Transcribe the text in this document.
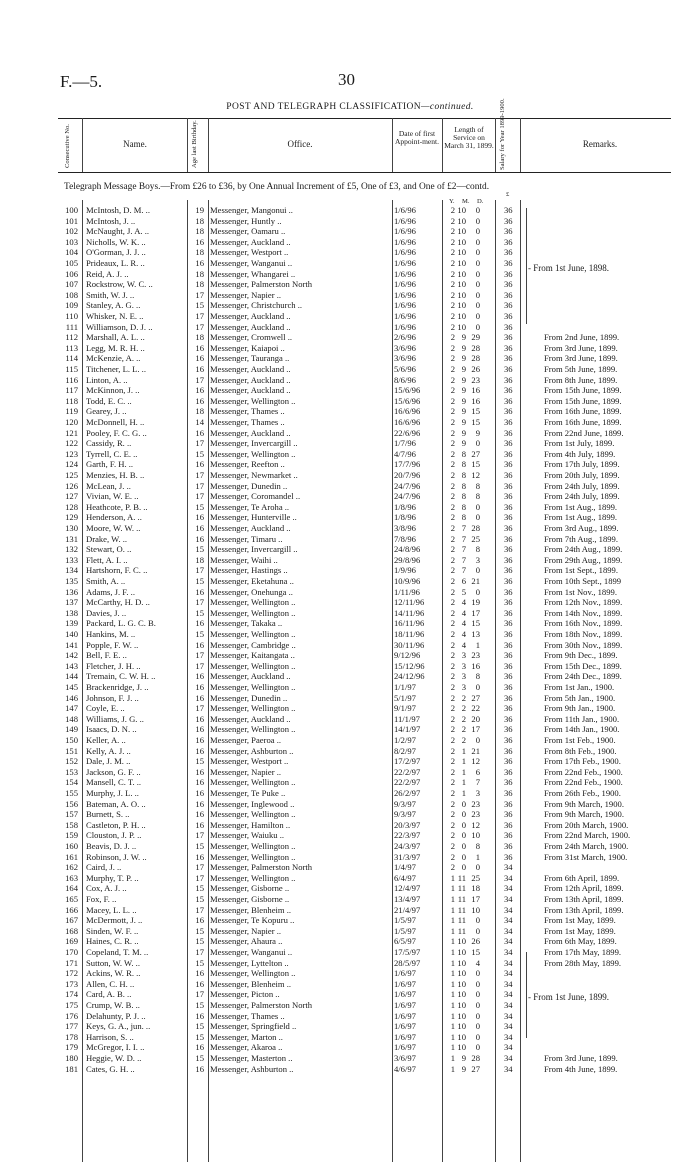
F.—5.	30
POST AND TELEGRAPH CLASSIFICATION—continued.
Consecutive No.	Name.	Age last Birthday.	Office.
Date of first Appoint-ment.
Length of Service on March 31, 1899. Salary for Year 1899-1900.	Remarks.
Telegraph Message Boys.—From £26 to £36, by One Annual Increment of £5, One of £3, and One of £2—contd.
Y. M. D.
£
- From 1st June, 1898.
- From 1st June, 1899.
100 McIntosh, D. M. ..	19 Messenger, Mangonui ..	1/6/96	2 10	0	36
101 McIntosh, J. ..	18 Messenger, Huntly ..	1/6/96	2 10	0	36
102 McNaught, J. A. ..	18 Messenger, Oamaru ..	1/6/96	2 10	0	36
103 Nicholls, W. K. ..	16 Messenger, Auckland ..	1/6/96	2 10	0	36
104 O'Gorman, J. J. ..	18 Messenger, Westport ..	1/6/96	2 10	0	36
105 Prideaux, L. R. ..	16 Messenger, Wanganui ..	1/6/96	2 10	0	36
106 Reid, A. J. ..	18 Messenger, Whangarei ..	1/6/96	2 10	0	36
107 Rockstrow, W. C. ..	18 Messenger, Palmerston North	1/6/96	2 10	0	36
108 Smith, W. J. ..	17 Messenger, Napier ..	1/6/96	2 10	0	36
109 Stanley, A. G. ..	15 Messenger, Christchurch ..	1/6/96	2 10	0	36
110 Whisker, N. E. ..	17 Messenger, Auckland ..	1/6/96	2 10	0	36
111 Williamson, D. J. ..	17 Messenger, Auckland ..	1/6/96	2 10	0	36
112 Marshall, A. L. ..	18 Messenger, Cromwell ..	2/6/96	2 9 29	36	From 2nd June, 1899.
113 Legg, M. R. H. ..	16 Messenger, Kaiapoi ..	3/6/96	2 9 28	36	From 3rd June, 1899.
114 McKenzie, A. ..	16 Messenger, Tauranga ..	3/6/96	2 9 28	36	From 3rd June, 1899.
115 Titchener, L. L. ..	16 Messenger, Auckland ..	5/6/96	2 9 26	36	From 5th June, 1899.
116 Linton, A. ..	17 Messenger, Auckland ..	8/6/96	2 9 23	36	From 8th June, 1899.
117 McKinnon, J. ..	16 Messenger, Auckland ..	15/6/96	2 9 16	36	From 15th June, 1899.
118 Todd, E. C. ..	16 Messenger, Wellington ..	15/6/96	2 9 16	36	From 15th June, 1899.
119 Gearey, J. ..	18 Messenger, Thames ..	16/6/96	2 9 15	36	From 16th June, 1899.
120 McDonnell, H. ..	14 Messenger, Thames ..	16/6/96	2 9 15	36	From 16th June, 1899.
121 Pooley, F. C. G. ..	16 Messenger, Auckland ..	22/6/96	2 9	9	36	From 22nd June, 1899.
122 Cassidy, R. ..	17 Messenger, Invercargill ..	1/7/96	2 9	0	36	From 1st July, 1899.
123 Tyrrell, C. E. ..	15 Messenger, Wellington ..	4/7/96	2 8 27	36	From 4th July, 1899.
124 Garth, F. H. ..	16 Messenger, Reefton ..	17/7/96	2 8 15	36	From 17th July, 1899.
125 Menzies, H. B. ..	17 Messenger, Newmarket ..	20/7/96	2 8 12	36	From 20th July, 1899.
126 McLean, J. ..	17 Messenger, Dunedin ..	24/7/96	2 8	8	36	From 24th July, 1899.
127 Vivian, W. E. ..	17 Messenger, Coromandel ..	24/7/96	2 8	8	36	From 24th July, 1899.
128 Heathcote, P. B. ..	15 Messenger, Te Aroha ..	1/8/96	2 8	0	36	From 1st Aug., 1899.
129 Henderson, A. ..	16 Messenger, Hunterville ..	1/8/96	2 8	0	36	From 1st Aug., 1899.
130 Moore, W. W. ..	16 Messenger, Auckland ..	3/8/96	2 7 28	36	From 3rd Aug., 1899.
131 Drake, W. ..	16 Messenger, Timaru ..	7/8/96	2 7 25	36	From 7th Aug., 1899.
132 Stewart, O. ..	15 Messenger, Invercargill ..	24/8/96	2 7	8	36	From 24th Aug., 1899.
133 Flett, A. I. ..	18 Messenger, Waihi ..	29/8/96	2 7	3	36	From 29th Aug., 1899.
134 Hartshorn, F. C. ..	17 Messenger, Hastings ..	1/9/96	2 7	0	36	From 1st Sept., 1899.
135 Smith, A. ..	15 Messenger, Eketahuna ..	10/9/96	2 6 21	36	From 10th Sept., 1899
136 Adams, J. F. ..	16 Messenger, Onehunga ..	1/11/96	2 5	0	36	From 1st Nov., 1899.
137 McCarthy, H. D. ..	17 Messenger, Wellington ..	12/11/96	2 4 19	36	From 12th Nov., 1899.
138 Davies, J. ..	15 Messenger, Wellington ..	14/11/96	2 4 17	36	From 14th Nov., 1899.
139 Packard, L. G. C. B.	16 Messenger, Takaka ..	16/11/96	2 4 15	36	From 16th Nov., 1899.
140 Hankins, M. ..	15 Messenger, Wellington ..	18/11/96	2 4 13	36	From 18th Nov., 1899.
141 Popple, F. W. ..	16 Messenger, Cambridge ..	30/11/96	2 4	1	36	From 30th Nov., 1899.
142 Bell, F. E. ..	17 Messenger, Kaitangata ..	9/12/96	2 3 23	36	From 9th Dec., 1899.
143 Fletcher, J. H. ..	17 Messenger, Wellington ..	15/12/96	2 3 16	36	From 15th Dec., 1899.
144 Tremain, C. W. H. ..	16 Messenger, Auckland ..	24/12/96	2 3	8	36	From 24th Dec., 1899.
145 Brackenridge, J. ..	16 Messenger, Wellington ..	1/1/97	2 3	0	36	From 1st Jan., 1900.
146 Johnson, F. J. ..	16 Messenger, Dunedin ..	5/1/97	2 2 27	36	From 5th Jan., 1900.
147 Coyle, E. ..	17 Messenger, Wellington ..	9/1/97	2 2 22	36	From 9th Jan., 1900.
148 Williams, J. G. ..	16 Messenger, Auckland ..	11/1/97	2 2 20	36	From 11th Jan., 1900.
149 Isaacs, D. N. ..	16 Messenger, Wellington ..	14/1/97	2 2 17	36	From 14th Jan., 1900.
150 Keller, A. ..	16 Messenger, Paeroa ..	1/2/97	2 2	0	36	From 1st Feb., 1900.
151 Kelly, A. J. ..	16 Messenger, Ashburton ..	8/2/97	2 1 21	36	From 8th Feb., 1900.
152 Dale, J. M. ..	15 Messenger, Westport ..	17/2/97	2 1 12	36	From 17th Feb., 1900.
153 Jackson, G. F. ..	16 Messenger, Napier ..	22/2/97	2 1	6	36	From 22nd Feb., 1900.
154 Mansell, C. T. ..	16 Messenger, Wellington ..	22/2/97	2 1	7	36	From 22nd Feb., 1900.
155 Murphy, J. L. ..	16 Messenger, Te Puke ..	26/2/97	2 1	3	36	From 26th Feb., 1900.
156 Bateman, A. O. ..	16 Messenger, Inglewood ..	9/3/97	2 0 23	36	From 9th March, 1900.
157 Burnett, S. ..	16 Messenger, Wellington ..	9/3/97	2 0 23	36	From 9th March, 1900.
158 Castleton, P. H. ..	16 Messenger, Hamilton ..	20/3/97	2 0 12	36	From 20th March, 1900.
159 Clouston, J. P. ..	17 Messenger, Waiuku ..	22/3/97	2 0 10	36	From 22nd March, 1900.
160 Beavis, D. J. ..	15 Messenger, Wellington ..	24/3/97	2 0	8	36	From 24th March, 1900.
161 Robinson, J. W. ..	16 Messenger, Wellington ..	31/3/97	2 0	1	36	From 31st March, 1900.
162 Caird, J. ..	17 Messenger, Palmerston North	1/4/97	2 0	0	34
163 Murphy, T. P. ..	17 Messenger, Wellington ..	6/4/97	1 11 25	34	From 6th April, 1899.
164 Cox, A. J. ..	15 Messenger, Gisborne ..	12/4/97	1 11 18	34	From 12th April, 1899.
165 Fox, F. ..	15 Messenger, Gisborne ..	13/4/97	1 11 17	34	From 13th April, 1899.
166 Macey, L. L. ..	17 Messenger, Blenheim ..	21/4/97	1 11 10	34	From 13th April, 1899.
167 McDermott, J. ..	16 Messenger, Te Kopuru ..	1/5/97	1 11	0	34	From 1st May, 1899.
168 Sinden, W. F. ..	15 Messenger, Napier ..	1/5/97	1 11	0	34	From 1st May, 1899.
169 Haines, C. R. ..	15 Messenger, Ahaura ..	6/5/97	1 10 26	34	From 6th May, 1899.
170 Copeland, T. M. ..	17 Messenger, Wanganui ..	17/5/97	1 10 15	34	From 17th May, 1899.
171 Sutton, W. W. ..	15 Messenger, Lyttelton ..	28/5/97	1 10	4	34	From 28th May, 1899.
172 Ackins, W. R. ..	16 Messenger, Wellington ..	1/6/97	1 10	0	34
173 Allen, C. H. ..	16 Messenger, Blenheim ..	1/6/97	1 10	0	34
174 Card, A. B. ..	17 Messenger, Picton ..	1/6/97	1 10	0	34
175 Crump, W. B. ..	15 Messenger, Palmerston North	1/6/97	1 10	0	34
176 Delahunty, P. J. ..	16 Messenger, Thames ..	1/6/97	1 10	0	34
177 Keys, G. A., jun. ..	15 Messenger, Springfield ..	1/6/97	1 10	0	34
178 Harrison, S. ..	15 Messenger, Marton ..	1/6/97	1 10	0	34
179 McGregor, I. I. ..	16 Messenger, Akaroa ..	1/6/97	1 10	0	34
180 Heggie, W. D. ..	15 Messenger, Masterton ..	3/6/97	1 9 28	34	From 3rd June, 1899.
181 Cates, G. H. ..	16 Messenger, Ashburton ..	4/6/97	1 9 27	34	From 4th June, 1899.
